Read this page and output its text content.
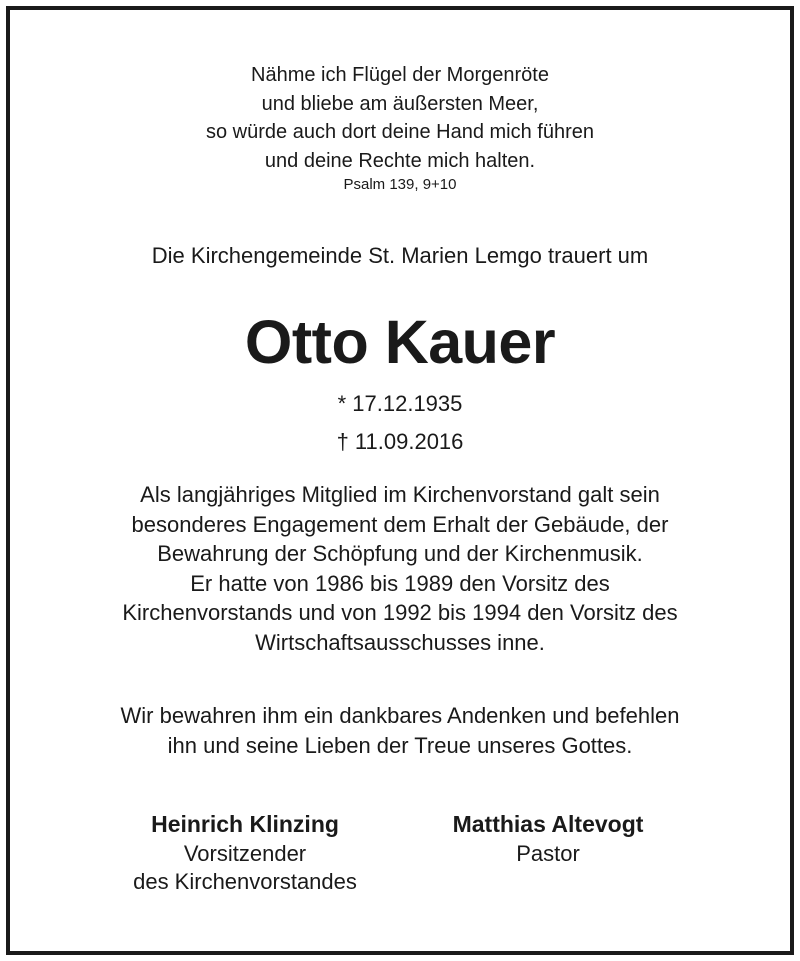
Nähme ich Flügel der Morgenröte
und bliebe am äußersten Meer,
so würde auch dort deine Hand mich führen
und deine Rechte mich halten.
Psalm 139, 9+10
Die Kirchengemeinde St. Marien Lemgo trauert um
Otto Kauer
* 17.12.1935
† 11.09.2016
Als langjähriges Mitglied im Kirchenvorstand galt sein
besonderes Engagement dem Erhalt der Gebäude, der
Bewahrung der Schöpfung und der Kirchenmusik.
Er hatte von 1986 bis 1989 den Vorsitz des
Kirchenvorstands und von 1992 bis 1994 den Vorsitz des
Wirtschaftsausschusses inne.
Wir bewahren ihm ein dankbares Andenken und befehlen
ihn und seine Lieben der Treue unseres Gottes.
Heinrich Klinzing
Vorsitzender
des Kirchenvorstandes
Matthias Altevogt
Pastor
